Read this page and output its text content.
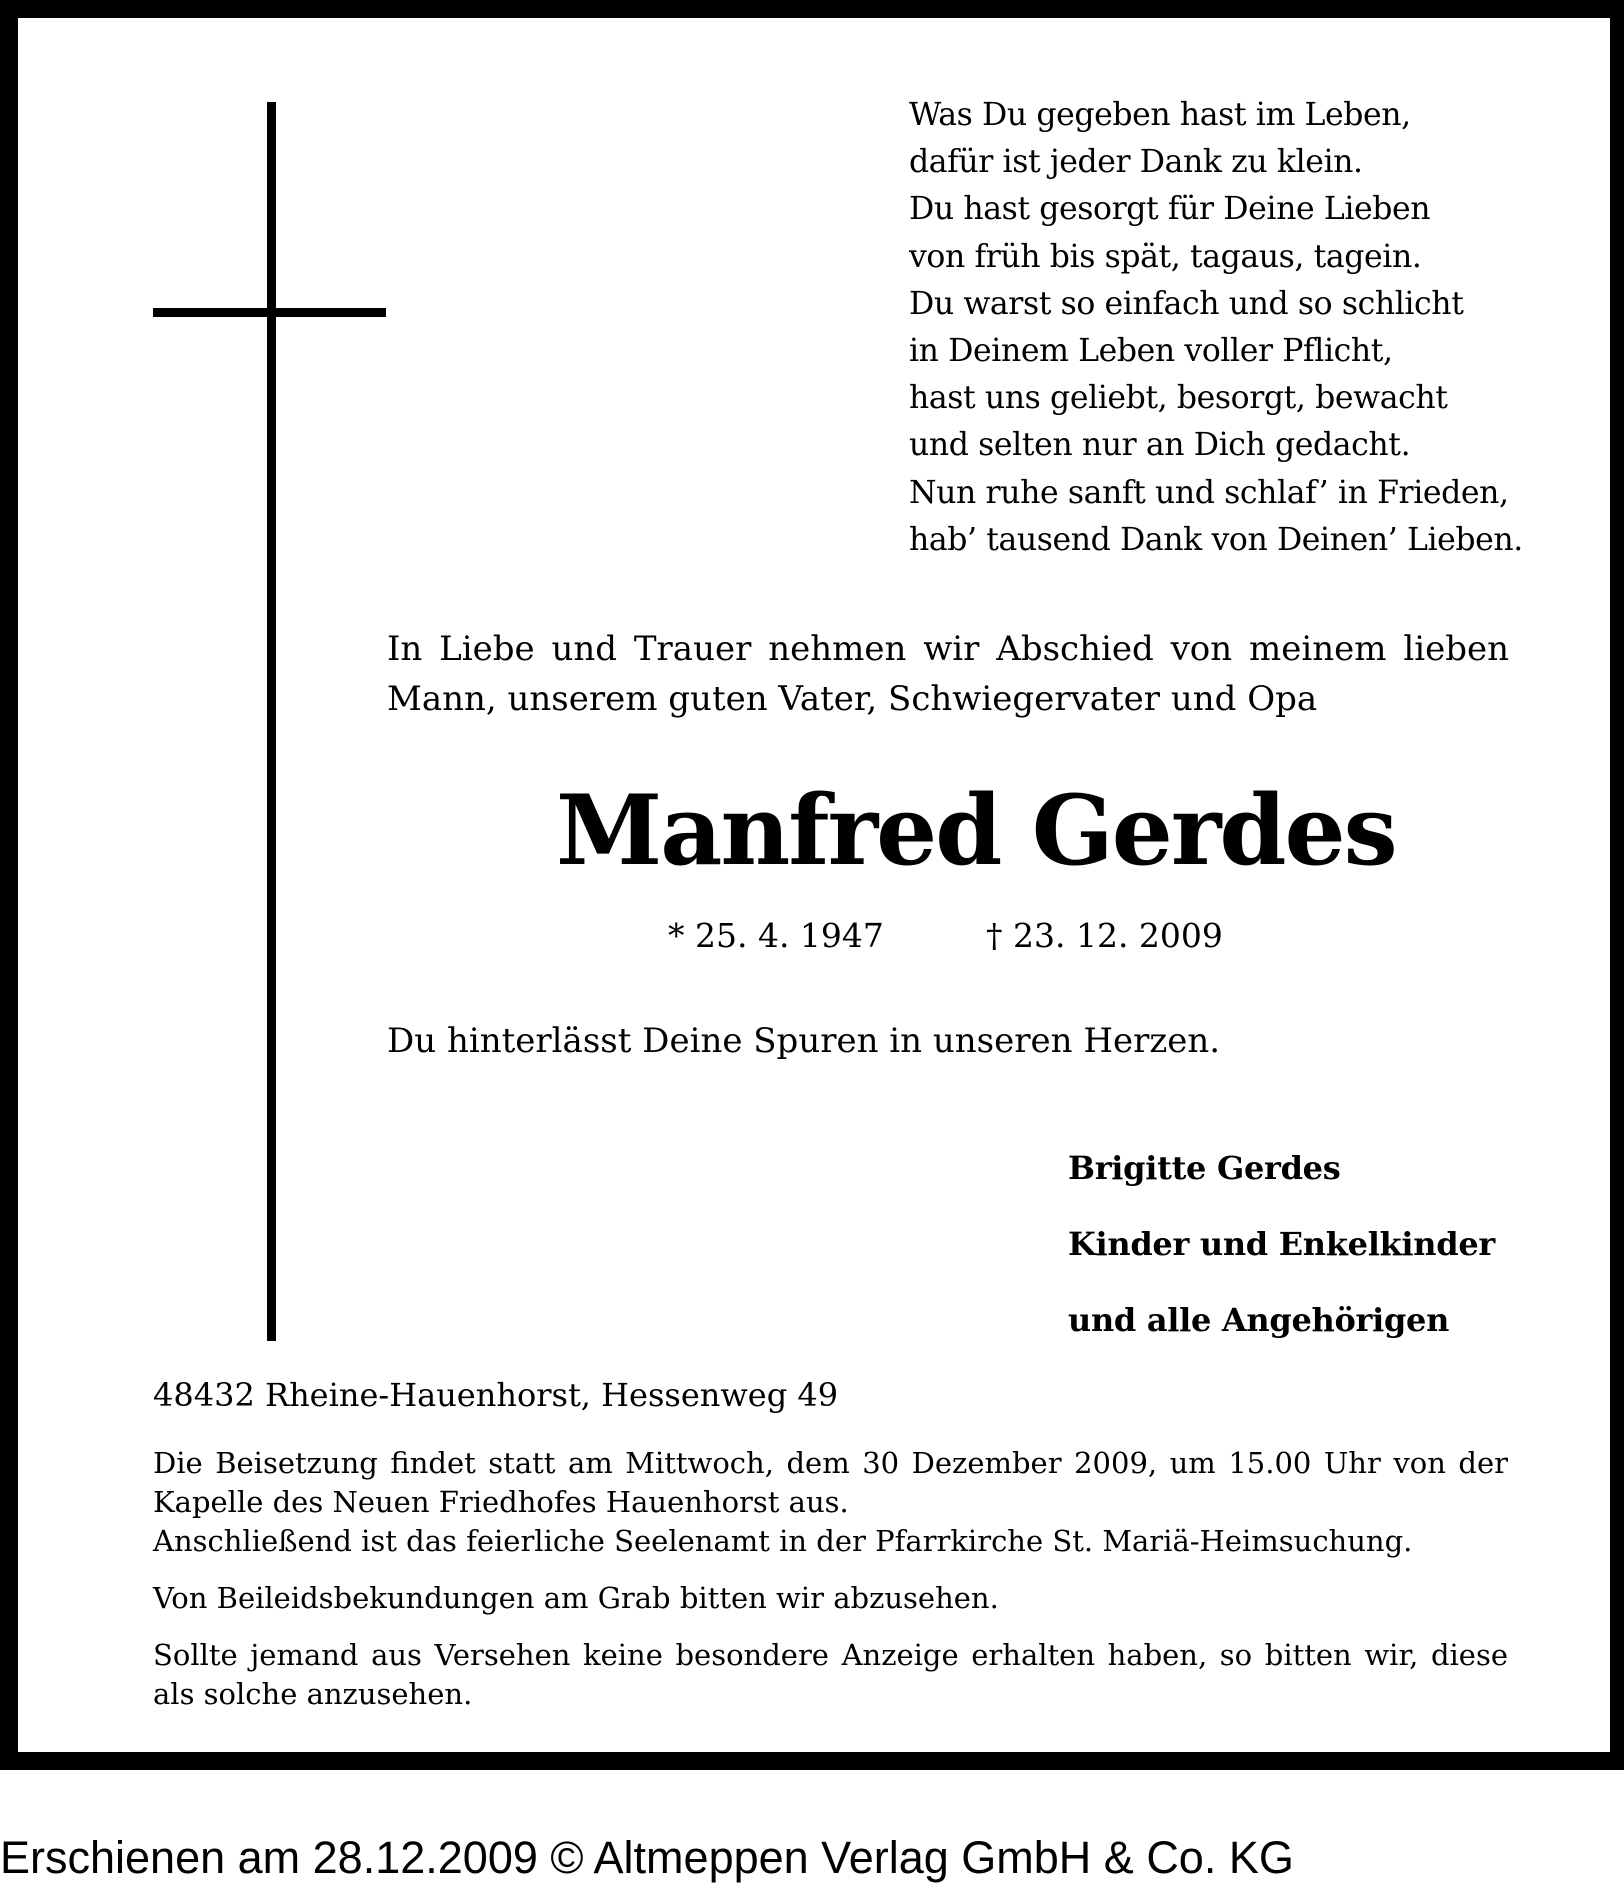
Was Du gegeben hast im Leben,
dafür ist jeder Dank zu klein.
Du hast gesorgt für Deine Lieben
von früh bis spät, tagaus, tagein.
Du warst so einfach und so schlicht
in Deinem Leben voller Pflicht,
hast uns geliebt, besorgt, bewacht
und selten nur an Dich gedacht.
Nun ruhe sanft und schlaf’ in Frieden,
hab’ tausend Dank von Deinen’ Lieben.
In Liebe und Trauer nehmen wir Abschied von meinem lieben
Mann, unserem guten Vater, Schwiegervater und Opa
Manfred Gerdes
* 25. 4. 1947	† 23. 12. 2009
Du hinterlässt Deine Spuren in unseren Herzen.
Brigitte Gerdes
Kinder und Enkelkinder
und alle Angehörigen
48432 Rheine-Hauenhorst, Hessenweg 49

Die Beisetzung findet statt am Mittwoch, dem 30 Dezember 2009, um 15.00 Uhr von der
Kapelle des Neuen Friedhofes Hauenhorst aus.
Anschließend ist das feierliche Seelenamt in der Pfarrkirche St. Mariä-Heimsuchung.

Von Beileidsbekundungen am Grab bitten wir abzusehen.

Sollte jemand aus Versehen keine besondere Anzeige erhalten haben, so bitten wir, diese
als solche anzusehen.

Erschienen am 28.12.2009 © Altmeppen Verlag GmbH & Co. KG
